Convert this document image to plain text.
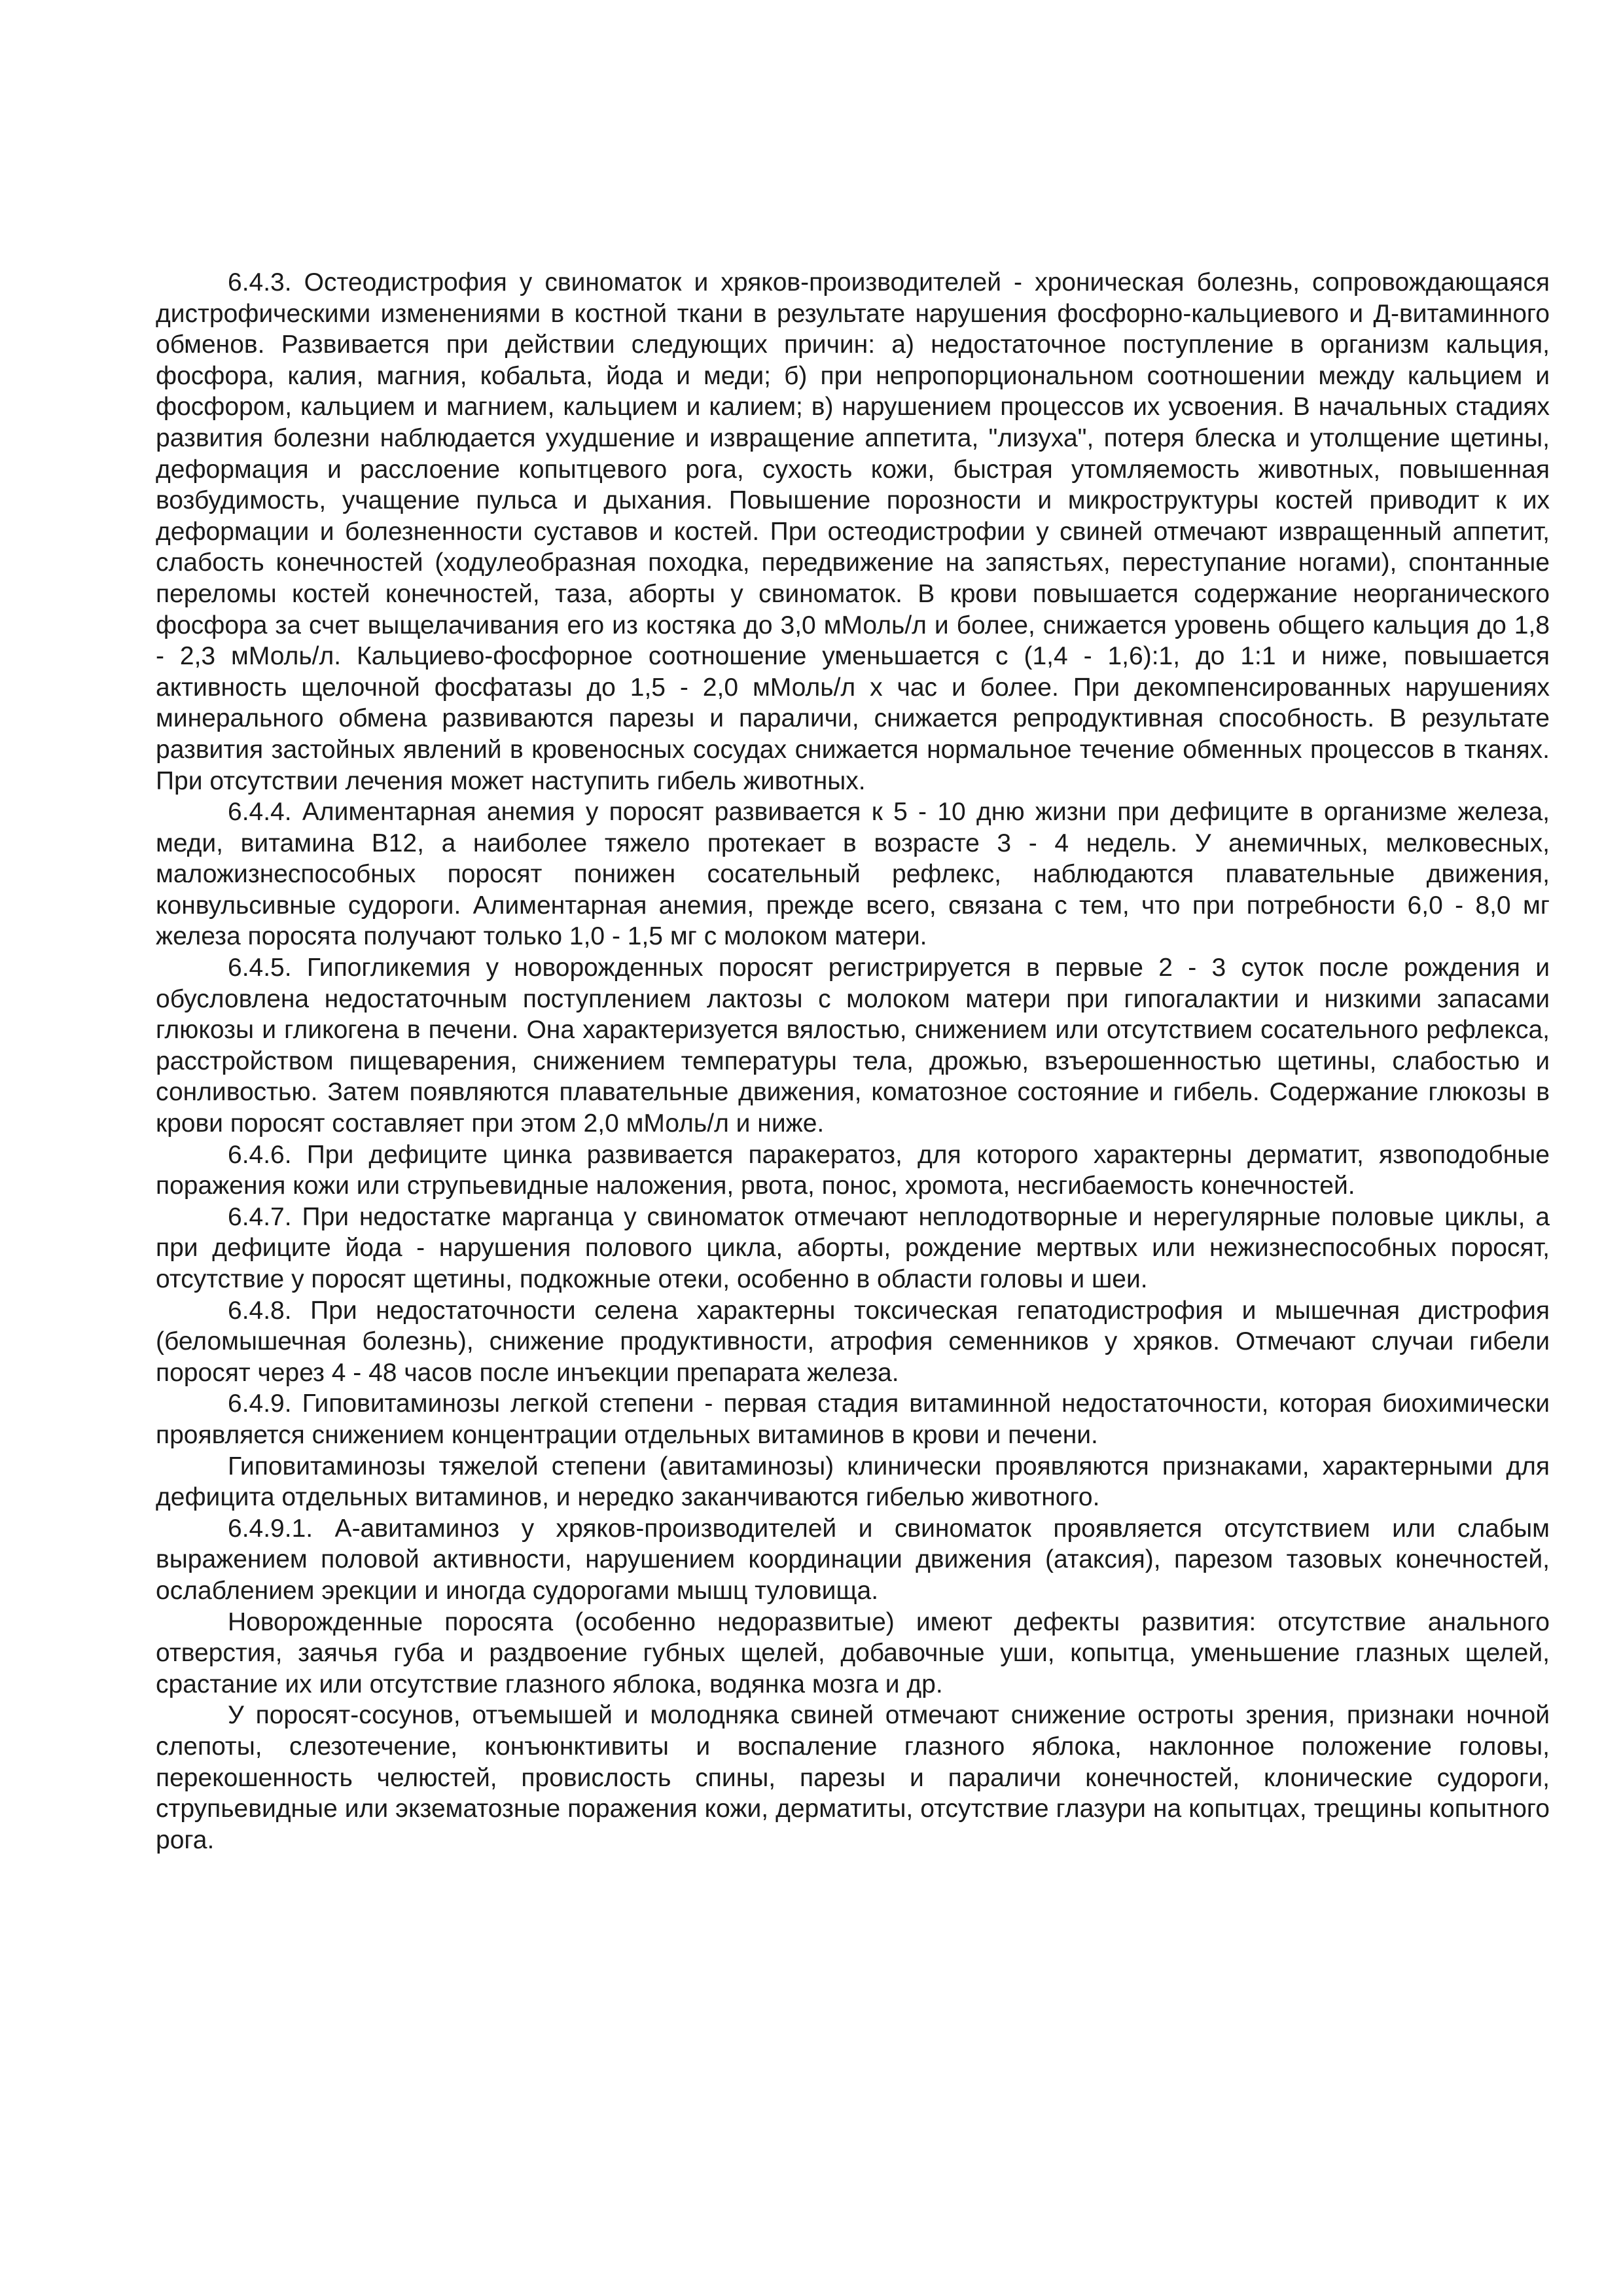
6.4.3. Остеодистрофия у свиноматок и хряков-производителей - хроническая болезнь, сопровождающаяся дистрофическими изменениями в костной ткани в результате нарушения фосфорно-кальциевого и Д-витаминного обменов. Развивается при действии следующих причин: а) недостаточное поступление в организм кальция, фосфора, калия, магния, кобальта, йода и меди; б) при непропорциональном соотношении между кальцием и фосфором, кальцием и магнием, кальцием и калием; в) нарушением процессов их усвоения. В начальных стадиях развития болезни наблюдается ухудшение и извращение аппетита, "лизуха", потеря блеска и утолщение щетины, деформация и расслоение копытцевого рога, сухость кожи, быстрая утомляемость животных, повышенная возбудимость, учащение пульса и дыхания. Повышение порозности и микроструктуры костей приводит к их деформации и болезненности суставов и костей. При остеодистрофии у свиней отмечают извращенный аппетит, слабость конечностей (ходулеобразная походка, передвижение на запястьях, переступание ногами), спонтанные переломы костей конечностей, таза, аборты у свиноматок. В крови повышается содержание неорганического фосфора за счет выщелачивания его из костяка до 3,0 мМоль/л и более, снижается уровень общего кальция до 1,8 - 2,3 мМоль/л. Кальциево-фосфорное соотношение уменьшается с (1,4 - 1,6):1, до 1:1 и ниже, повышается активность щелочной фосфатазы до 1,5 - 2,0 мМоль/л х час и более. При декомпенсированных нарушениях минерального обмена развиваются парезы и параличи, снижается репродуктивная способность. В результате развития застойных явлений в кровеносных сосудах снижается нормальное течение обменных процессов в тканях. При отсутствии лечения может наступить гибель животных.

6.4.4. Алиментарная анемия у поросят развивается к 5 - 10 дню жизни при дефиците в организме железа, меди, витамина В12, а наиболее тяжело протекает в возрасте 3 - 4 недель. У анемичных, мелковесных, маложизнеспособных поросят понижен сосательный рефлекс, наблюдаются плавательные движения, конвульсивные судороги. Алиментарная анемия, прежде всего, связана с тем, что при потребности 6,0 - 8,0 мг железа поросята получают только 1,0 - 1,5 мг с молоком матери.

6.4.5. Гипогликемия у новорожденных поросят регистрируется в первые 2 - 3 суток после рождения и обусловлена недостаточным поступлением лактозы с молоком матери при гипогалактии и низкими запасами глюкозы и гликогена в печени. Она характеризуется вялостью, снижением или отсутствием сосательного рефлекса, расстройством пищеварения, снижением температуры тела, дрожью, взъерошенностью щетины, слабостью и сонливостью. Затем появляются плавательные движения, коматозное состояние и гибель. Содержание глюкозы в крови поросят составляет при этом 2,0 мМоль/л и ниже.

6.4.6. При дефиците цинка развивается паракератоз, для которого характерны дерматит, язвоподобные поражения кожи или струпьевидные наложения, рвота, понос, хромота, несгибаемость конечностей.

6.4.7. При недостатке марганца у свиноматок отмечают неплодотворные и нерегулярные половые циклы, а при дефиците йода - нарушения полового цикла, аборты, рождение мертвых или нежизнеспособных поросят, отсутствие у поросят щетины, подкожные отеки, особенно в области головы и шеи.

6.4.8. При недостаточности селена характерны токсическая гепатодистрофия и мышечная дистрофия (беломышечная болезнь), снижение продуктивности, атрофия семенников у хряков. Отмечают случаи гибели поросят через 4 - 48 часов после инъекции препарата железа.

6.4.9. Гиповитаминозы легкой степени - первая стадия витаминной недостаточности, которая биохимически проявляется снижением концентрации отдельных витаминов в крови и печени.

Гиповитаминозы тяжелой степени (авитаминозы) клинически проявляются признаками, характерными для дефицита отдельных витаминов, и нередко заканчиваются гибелью животного.

6.4.9.1. А-авитаминоз у хряков-производителей и свиноматок проявляется отсутствием или слабым выражением половой активности, нарушением координации движения (атаксия), парезом тазовых конечностей, ослаблением эрекции и иногда судорогами мышц туловища.

Новорожденные поросята (особенно недоразвитые) имеют дефекты развития: отсутствие анального отверстия, заячья губа и раздвоение губных щелей, добавочные уши, копытца, уменьшение глазных щелей, срастание их или отсутствие глазного яблока, водянка мозга и др.

У поросят-сосунов, отъемышей и молодняка свиней отмечают снижение остроты зрения, признаки ночной слепоты, слезотечение, конъюнктивиты и воспаление глазного яблока, наклонное положение головы, перекошенность челюстей, провислость спины, парезы и параличи конечностей, клонические судороги, струпьевидные или экзематозные поражения кожи, дерматиты, отсутствие глазури на копытцах, трещины копытного рога.
